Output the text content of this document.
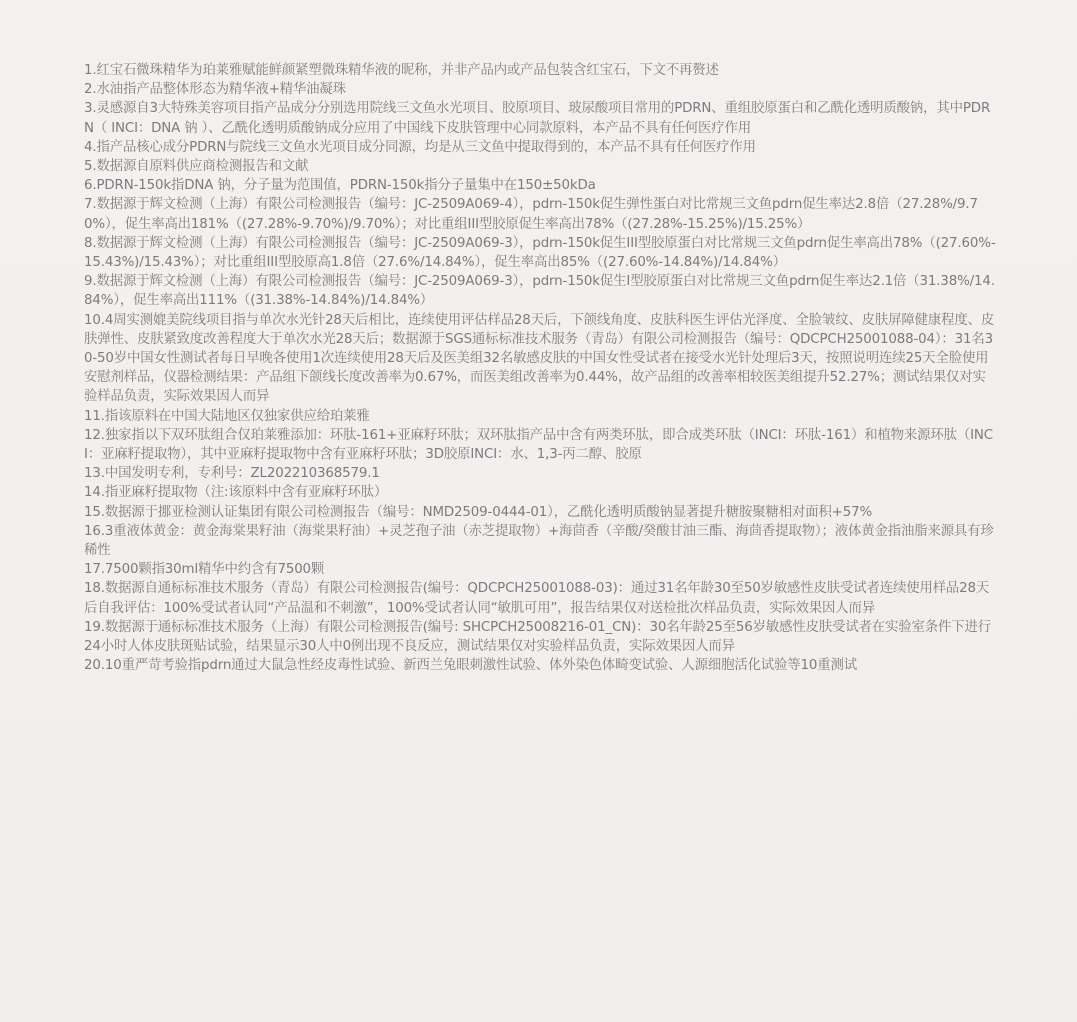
1.红宝石微珠精华为珀莱雅赋能鲜颜紧塑微珠精华液的昵称，并非产品内或产品包装含红宝石，下文不再赘述

2.水油指产品整体形态为精华液+精华油凝珠

3.灵感源自3大特殊美容项目指产品成分分别选用院线三文鱼水光项目、胶原项目、玻尿酸项目常用的PDRN、重组胶原蛋白和乙酰化透明质酸钠，其中PDRN（ INCI：DNA 钠 ）、乙酰化透明质酸钠成分应用了中国线下皮肤管理中心同款原料，本产品不具有任何医疗作用

4.指产品核心成分PDRN与院线三文鱼水光项目成分同源，均是从三文鱼中提取得到的，本产品不具有任何医疗作用

5.数据源自原料供应商检测报告和文献

6.PDRN-150k指DNA 钠，分子量为范围值，PDRN-150k指分子量集中在150±50kDa

7.数据源于辉文检测（上海）有限公司检测报告（编号：JC-2509A069-4），pdrn-150k促生弹性蛋白对比常规三文鱼pdrn促生率达2.8倍（27.28%/9.70%），促生率高出181%（(27.28%-9.70%)/9.70%）；对比重组III型胶原促生率高出78%（(27.28%-15.25%)/15.25%）

8.数据源于辉文检测（上海）有限公司检测报告（编号：JC-2509A069-3），pdrn-150k促生III型胶原蛋白对比常规三文鱼pdrn促生率高出78%（(27.60%-15.43%)/15.43%）；对比重组III型胶原高1.8倍（27.6%/14.84%），促生率高出85%（(27.60%-14.84%)/14.84%）

9.数据源于辉文检测（上海）有限公司检测报告（编号：JC-2509A069-3），pdrn-150k促生I型胶原蛋白对比常规三文鱼pdrn促生率达2.1倍（31.38%/14.84%），促生率高出111%（(31.38%-14.84%)/14.84%）

10.4周实测媲美院线项目指与单次水光针28天后相比，连续使用评估样品28天后，下颌线角度、皮肤科医生评估光泽度、全脸皱纹、皮肤屏障健康程度、皮肤弹性、皮肤紧致度改善程度大于单次水光28天后；数据源于SGS通标标准技术服务（青岛）有限公司检测报告（编号：QDCPCH25001088-04）：31名30-50岁中国女性测试者每日早晚各使用1次连续使用28天后及医美组32名敏感皮肤的中国女性受试者在接受水光针处理后3天，按照说明连续25天全脸使用安慰剂样品，仪器检测结果：产品组下颌线长度改善率为0.67%，而医美组改善率为0.44%，故产品组的改善率相较医美组提升52.27%；测试结果仅对实验样品负责，实际效果因人而异

11.指该原料在中国大陆地区仅独家供应给珀莱雅

12.独家指以下双环肽组合仅珀莱雅添加：环肽-161+亚麻籽环肽；双环肽指产品中含有两类环肽，即合成类环肽（INCI：环肽-161）和植物来源环肽（INCI：亚麻籽提取物），其中亚麻籽提取物中含有亚麻籽环肽；3D胶原INCI：水、1,3-丙二醇、胶原

13.中国发明专利，专利号：ZL202210368579.1

14.指亚麻籽提取物（注:该原料中含有亚麻籽环肽）

15.数据源于挪亚检测认证集团有限公司检测报告（编号：NMD2509-0444-01），乙酰化透明质酸钠显著提升糖胺聚糖相对面积+57%

16.3重液体黄金：黄金海棠果籽油（海棠果籽油）+灵芝孢子油（赤芝提取物）+海茴香（辛酸/癸酸甘油三酯、海茴香提取物）；液体黄金指油脂来源具有珍稀性

17.7500颗指30ml精华中约含有7500颗

18.数据源自通标标准技术服务（青岛）有限公司检测报告(编号：QDCPCH25001088-03)：通过31名年龄30至50岁敏感性皮肤受试者连续使用样品28天后自我评估：100%受试者认同“产品温和不刺激”，100%受试者认同“敏肌可用”，报告结果仅对送检批次样品负责，实际效果因人而异

19.数据源于通标标准技术服务（上海）有限公司检测报告(编号: SHCPCH25008216-01_CN)：30名年龄25至56岁敏感性皮肤受试者在实验室条件下进行24小时人体皮肤斑贴试验，结果显示30人中0例出现不良反应，测试结果仅对实验样品负责，实际效果因人而异

20.10重严苛考验指pdrn通过大鼠急性经皮毒性试验、新西兰兔眼刺激性试验、体外染色体畸变试验、人源细胞活化试验等10重测试
